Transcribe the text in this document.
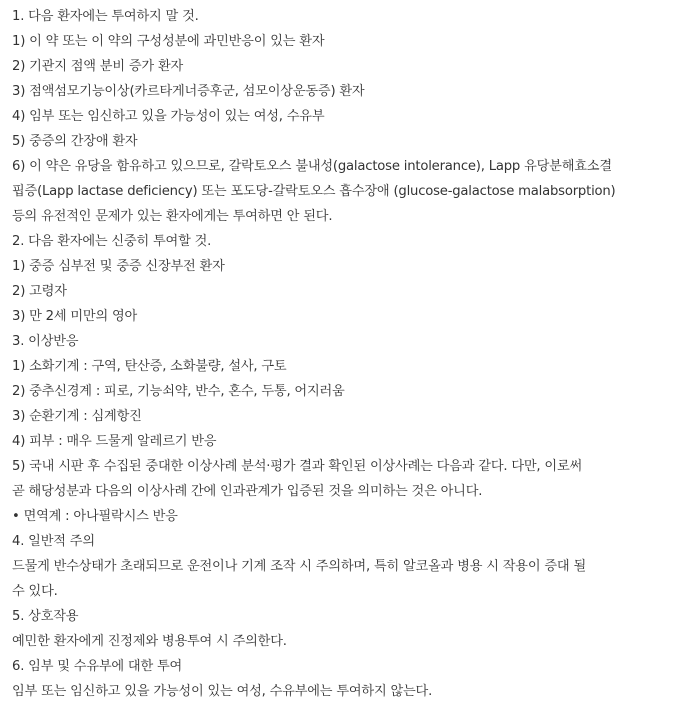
1. 다음 환자에는 투여하지 말 것.
1) 이 약 또는 이 약의 구성성분에 과민반응이 있는 환자
2) 기관지 점액 분비 증가 환자
3) 점액섬모기능이상(카르타게너증후군, 섬모이상운동증) 환자
4) 임부 또는 임신하고 있을 가능성이 있는 여성, 수유부
5) 중증의 간장애 환자
6) 이 약은 유당을 함유하고 있으므로, 갈락토오스 불내성(galactose intolerance), Lapp 유당분해효소결
핍증(Lapp lactase deficiency) 또는 포도당-갈락토오스 흡수장애 (glucose-galactose malabsorption)
등의 유전적인 문제가 있는 환자에게는 투여하면 안 된다.
2. 다음 환자에는 신중히 투여할 것.
1) 중증 심부전 및 중증 신장부전 환자
2) 고령자
3) 만 2세 미만의 영아
3. 이상반응
1) 소화기계 : 구역, 탄산증, 소화불량, 설사, 구토
2) 중추신경계 : 피로, 기능쇠약, 반수, 혼수, 두통, 어지러움
3) 순환기계 : 심계항진
4) 피부 : 매우 드물게 알레르기 반응
5) 국내 시판 후 수집된 중대한 이상사례 분석·평가 결과 확인된 이상사례는 다음과 같다. 다만, 이로써
곧 해당성분과 다음의 이상사례 간에 인과관계가 입증된 것을 의미하는 것은 아니다.
• 면역계 : 아나필락시스 반응
4. 일반적 주의
드물게 반수상태가 초래되므로 운전이나 기계 조작 시 주의하며, 특히 알코올과 병용 시 작용이 증대 될
수 있다.
5. 상호작용
예민한 환자에게 진정제와 병용투여 시 주의한다.
6. 임부 및 수유부에 대한 투여
임부 또는 임신하고 있을 가능성이 있는 여성, 수유부에는 투여하지 않는다.
